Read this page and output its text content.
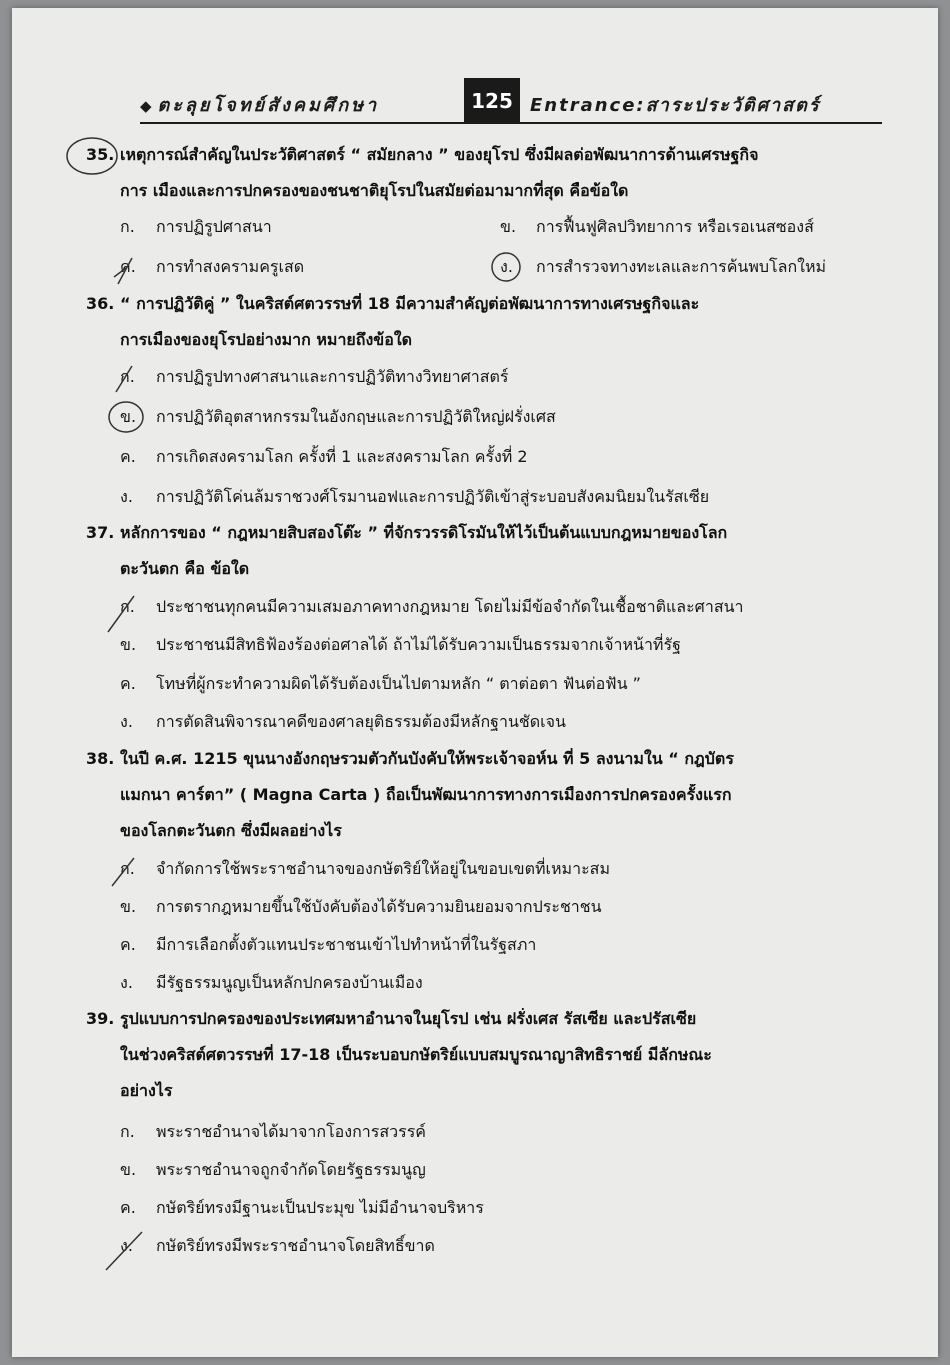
◆ ตะลุยโจทย์สังคมศึกษา	125 Entrance:สาระประวัติศาสตร์
35. เหตุการณ์สำคัญในประวัติศาสตร์ “ สมัยกลาง ” ของยุโรป ซึ่งมีผลต่อพัฒนาการด้านเศรษฐกิจ
การ เมืองและการปกครองของชนชาติยุโรปในสมัยต่อมามากที่สุด คือข้อใด
ก. การปฏิรูปศาสนา	ข. การฟื้นฟูศิลปวิทยาการ หรือเรอเนสซองส์
ค. การทำสงครามครูเสด	ง. การสำรวจทางทะเลและการค้นพบโลกใหม่
36. “ การปฏิวัติคู่ ” ในคริสต์ศตวรรษที่ 18 มีความสำคัญต่อพัฒนาการทางเศรษฐกิจและ
การเมืองของยุโรปอย่างมาก หมายถึงข้อใด
ก. การปฏิรูปทางศาสนาและการปฏิวัติทางวิทยาศาสตร์
ข. การปฏิวัติอุตสาหกรรมในอังกฤษและการปฏิวัติใหญ่ฝรั่งเศส
ค. การเกิดสงครามโลก ครั้งที่ 1 และสงครามโลก ครั้งที่ 2
ง. การปฏิวัติโค่นล้มราชวงศ์โรมานอฟและการปฏิวัติเข้าสู่ระบอบสังคมนิยมในรัสเซีย
37. หลักการของ “ กฎหมายสิบสองโต๊ะ ” ที่จักรวรรดิโรมันให้ไว้เป็นต้นแบบกฎหมายของโลก
ตะวันตก คือ ข้อใด
ก. ประชาชนทุกคนมีความเสมอภาคทางกฎหมาย โดยไม่มีข้อจำกัดในเชื้อชาติและศาสนา
ข. ประชาชนมีสิทธิฟ้องร้องต่อศาลได้ ถ้าไม่ได้รับความเป็นธรรมจากเจ้าหน้าที่รัฐ
ค. โทษที่ผู้กระทำความผิดได้รับต้องเป็นไปตามหลัก “ ตาต่อตา ฟันต่อฟัน ”
ง. การตัดสินพิจารณาคดีของศาลยุติธรรมต้องมีหลักฐานชัดเจน
38. ในปี ค.ศ. 1215 ขุนนางอังกฤษรวมตัวกันบังคับให้พระเจ้าจอห์น ที่ 5 ลงนามใน “ กฎบัตร
แมกนา คาร์ตา” ( Magna Carta ) ถือเป็นพัฒนาการทางการเมืองการปกครองครั้งแรก
ของโลกตะวันตก ซึ่งมีผลอย่างไร
ก. จำกัดการใช้พระราชอำนาจของกษัตริย์ให้อยู่ในขอบเขตที่เหมาะสม
ข. การตรากฎหมายขึ้นใช้บังคับต้องได้รับความยินยอมจากประชาชน
ค. มีการเลือกตั้งตัวแทนประชาชนเข้าไปทำหน้าที่ในรัฐสภา
ง. มีรัฐธรรมนูญเป็นหลักปกครองบ้านเมือง
39. รูปแบบการปกครองของประเทศมหาอำนาจในยุโรป เช่น ฝรั่งเศส รัสเซีย และปรัสเซีย
ในช่วงคริสต์ศตวรรษที่ 17-18 เป็นระบอบกษัตริย์แบบสมบูรณาญาสิทธิราชย์ มีลักษณะ
อย่างไร
ก. พระราชอำนาจได้มาจากโองการสวรรค์
ข. พระราชอำนาจถูกจำกัดโดยรัฐธรรมนูญ
ค. กษัตริย์ทรงมีฐานะเป็นประมุข ไม่มีอำนาจบริหาร
ง. กษัตริย์ทรงมีพระราชอำนาจโดยสิทธิ์ขาด
